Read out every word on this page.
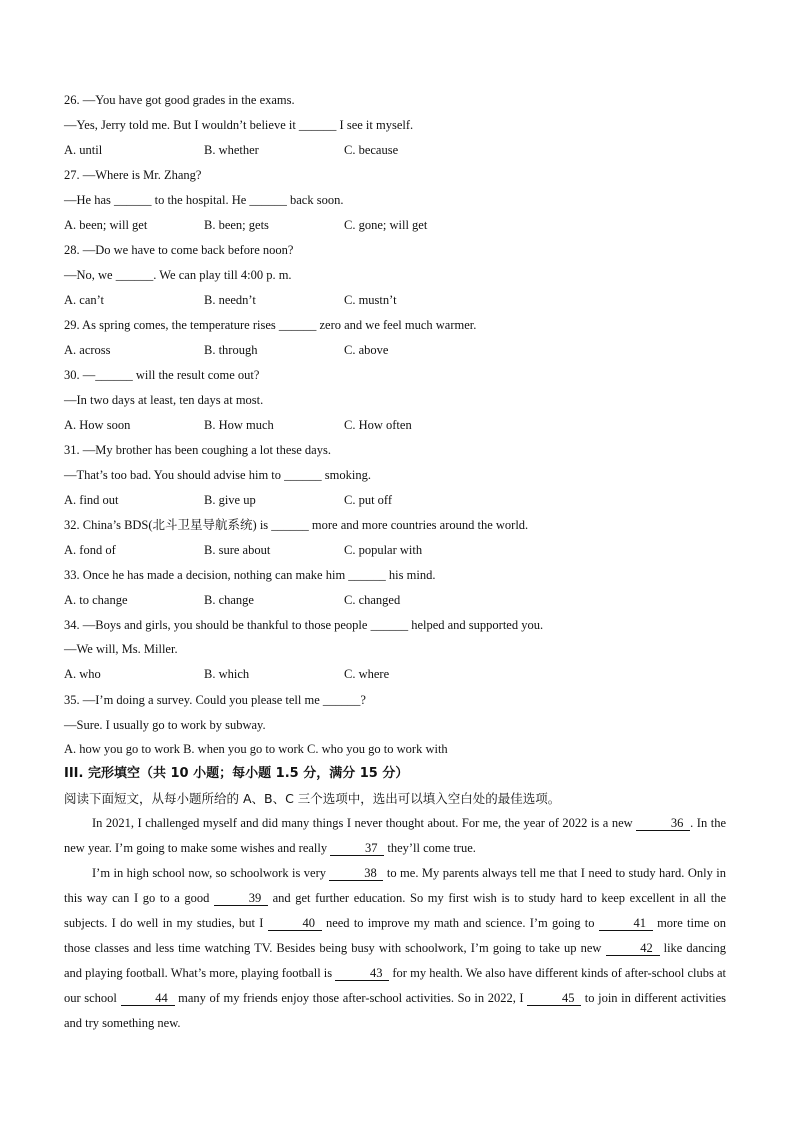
26. —You have got good grades in the exams.
—Yes, Jerry told me. But I wouldn’t believe it ______ I see it myself.
A. until	B. whether	C. because
27. —Where is Mr. Zhang?
—He has ______ to the hospital. He ______ back soon.
A. been; will get	B. been; gets	C. gone; will get
28. —Do we have to come back before noon?
—No, we ______. We can play till 4:00 p. m.
A. can’t	B. needn’t	C. mustn’t
29. As spring comes, the temperature rises ______ zero and we feel much warmer.
A. across	B. through	C. above
30. —______ will the result come out?
—In two days at least, ten days at most.
A. How soon	B. How much	C. How often
31. —My brother has been coughing a lot these days.
—That’s too bad. You should advise him to ______ smoking.
A. find out	B. give up	C. put off
32. China’s BDS(北斗卫星导航系统) is ______ more and more countries around the world.
A. fond of	B. sure about	C. popular with
33. Once he has made a decision, nothing can make him ______ his mind.
A. to change	B. change	C. changed
34. —Boys and girls, you should be thankful to those people ______ helped and supported you.
—We will, Ms. Miller.
A. who	B. which	C. where
35. —I’m doing a survey. Could you please tell me ______?
—Sure. I usually go to work by subway.
A. how you go to work B. when you go to work C. who you go to work with
III. 完形填空（共 10 小题；每小题 1.5 分，满分 15 分）
阅读下面短文，从每小题所给的 A、B、C 三个选项中，选出可以填入空白处的最佳选项。
In 2021, I challenged myself and did many things I never thought about. For me, the year of 2022 is a new	36 . In the new year. I’m going to make some wishes and really	37 they’ll come true.
I’m in high school now, so schoolwork is very	38 to me. My parents always tell me that I need to study hard. Only in this way can I go to a good	39 and get further education. So my first wish is to study hard to keep excellent in all the subjects. I do well in my studies, but I	40 need to improve my math and science. I’m going to	41 more time on those classes and less time watching TV. Besides being busy with schoolwork, I’m going to take up new	42 like dancing and playing football. What’s more, playing football is	43 for my health. We also have different kinds of after-school clubs at our school	44 many of my friends enjoy those after-school activities. So in 2022, I	45 to join in different activities and try something new.
